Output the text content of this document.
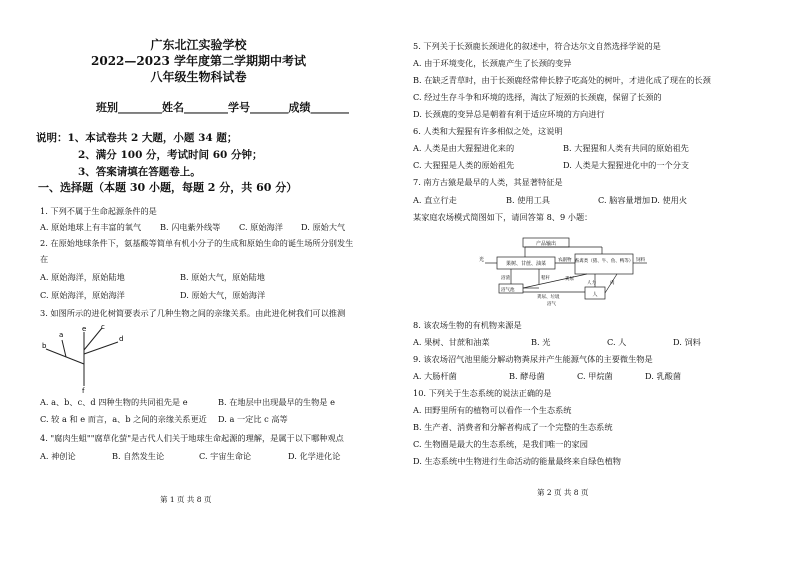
广东北江实验学校
2022—2023 学年度第二学期期中考试
八年级生物科试卷
班别________姓名________学号_______成绩_______
说明：1、本试卷共 2 大题，小题 34 题；
2、满分 100 分，考试时间 60 分钟；
3、答案请填在答题卷上。
一、选择题（本题 30 小题，每题 2 分，共 60 分）
1. 下列不属于生命起源条件的是
A. 原始地球上有丰富的氧气 B. 闪电紫外线等 C. 原始海洋 D. 原始大气
2. 在原始地球条件下，氨基酸等简单有机小分子的生成和原始生命的诞生场所分别发生
在
A. 原始海洋，原始陆地	B. 原始大气，原始陆地
C. 原始海洋，原始海洋	D. 原始大气，原始海洋
3. 如图所示的进化树简要表示了几种生物之间的亲缘关系。由此进化树我们可以推测
b
a
e c
d
f
A. a、b、c、d 四种生物的共同祖先是 e	B. 在地层中出现最早的生物是 e
C. 较 a 和 e 而言，a、b 之间的亲缘关系更近 D. a 一定比 c 高等
4. "腐肉生蛆""腐草化萤"是古代人们关于地球生命起源的理解，是属于以下哪种观点
A. 神创论	B. 自然发生论	C. 宇宙生命论	D. 化学进化论
第 1 页 共 8 页
5. 下列关于长颈鹿长颈进化的叙述中，符合达尔文自然选择学说的是
A. 由于环境变化，长颈鹿产生了长颈的变异
B. 在缺乏青草时，由于长颈鹿经常伸长脖子吃高处的树叶，才进化成了现在的长颈
C. 经过生存斗争和环境的选择，淘汰了短颈的长颈鹿，保留了长颈的
D. 长颈鹿的变异总是朝着有利于适应环境的方向进行
6. 人类和大猩猩有许多相似之处，这说明
A. 人类是由大猩猩进化来的	B. 大猩猩和人类有共同的原始祖先
C. 大猩猩是人类的原始祖先	D. 人类是大猩猩进化中的一个分支
7. 南方古猿是最早的人类，其显著特征是
A. 直立行走	B. 使用工具	C. 脑容量增加 D. 使用火
某家庭农场模式简图如下，请回答第 8、9 小题：
产品输出
光
果树、甘蔗、油菜
农副物 畜禽类（猪、牛、鱼、鸭等） 饲料
沼渣	秸秆	粪尿
人力	肉
沼气池
粪尿、垃圾
沼气
人
8. 该农场生物的有机物来源是
A. 果树、甘蔗和油菜	B. 光	C. 人	D. 饲料
9. 该农场沼气池里能分解动物粪尿并产生能源气体的主要微生物是
A. 大肠杆菌	B. 酵母菌	C. 甲烷菌	D. 乳酸菌
10. 下列关于生态系统的说法正确的是
A. 田野里所有的植物可以看作一个生态系统
B. 生产者、消费者和分解者构成了一个完整的生态系统
C. 生物圈是最大的生态系统，是我们唯一的家园
D. 生态系统中生物进行生命活动的能量最终来自绿色植物
第 2 页 共 8 页
